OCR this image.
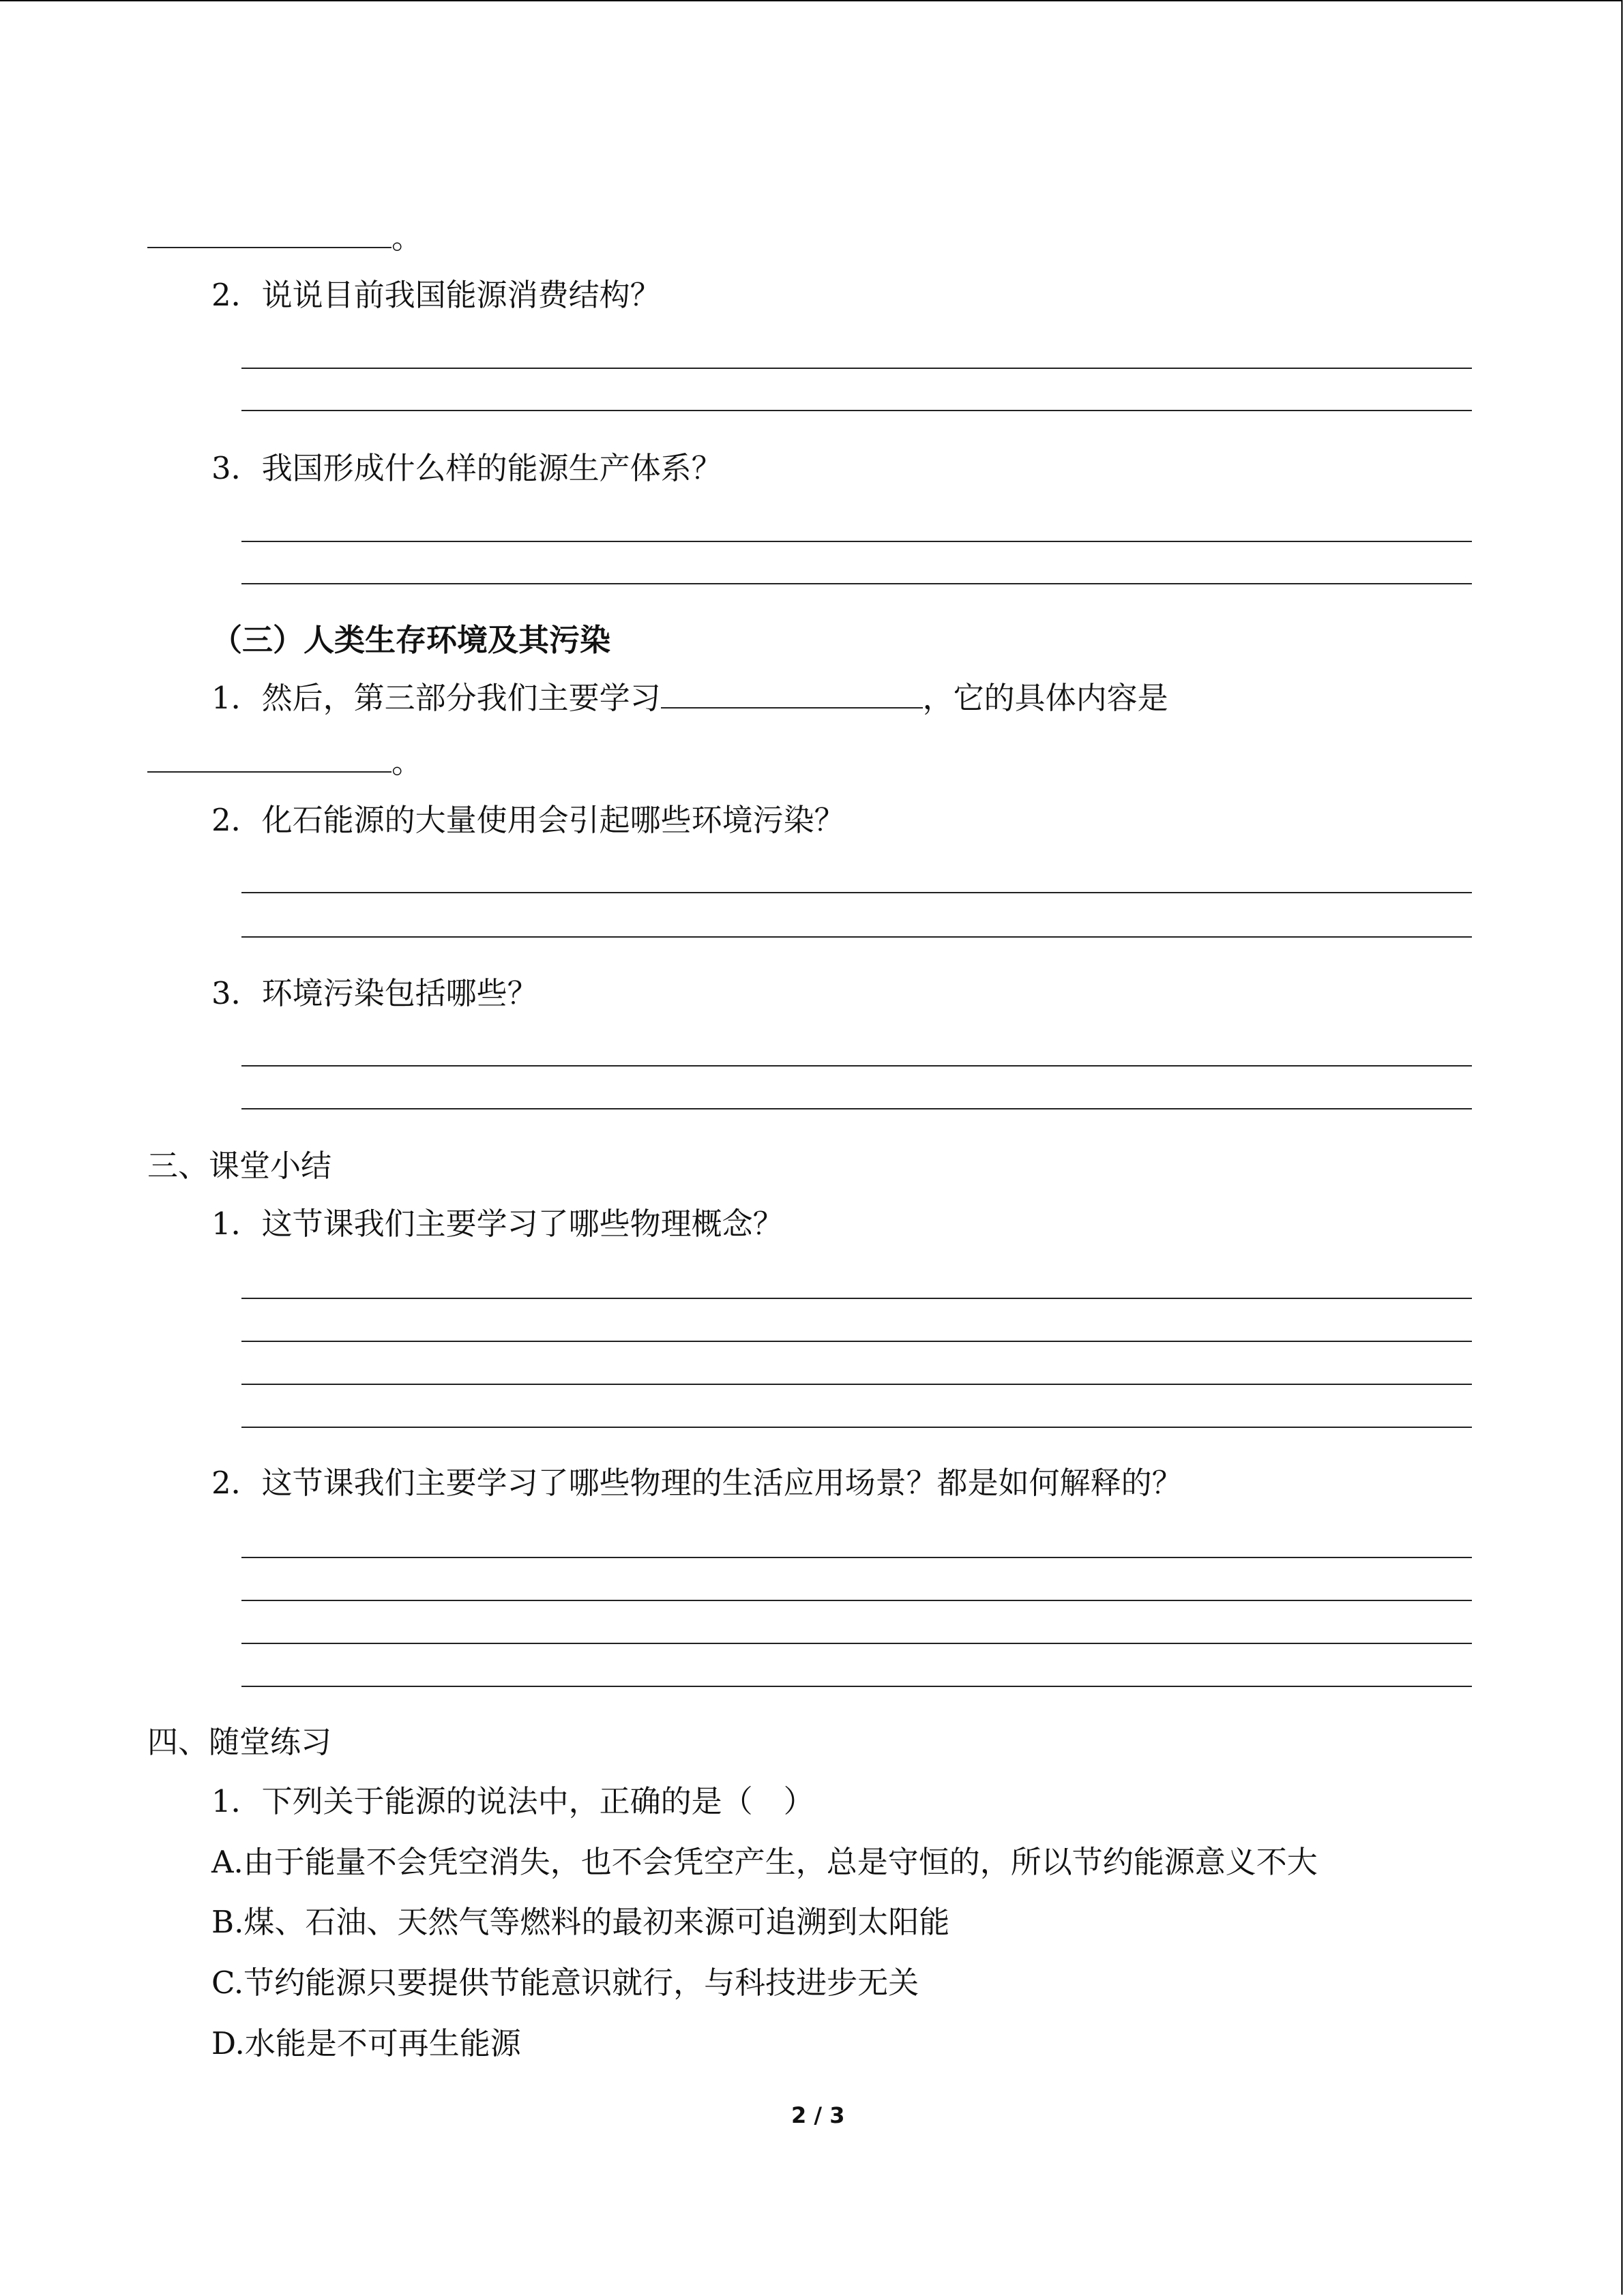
。
2．说说目前我国能源消费结构？
3．我国形成什么样的能源生产体系？
（三）人类生存环境及其污染
1．然后，第三部分我们主要学习	，它的具体内容是
。
2．化石能源的大量使用会引起哪些环境污染？
3．环境污染包括哪些？
三、课堂小结
1．这节课我们主要学习了哪些物理概念？
2．这节课我们主要学习了哪些物理的生活应用场景？都是如何解释的？
四、随堂练习
1．下列关于能源的说法中，正确的是（　）
A.由于能量不会凭空消失，也不会凭空产生，总是守恒的，所以节约能源意义不大
B.煤、石油、天然气等燃料的最初来源可追溯到太阳能
C.节约能源只要提供节能意识就行，与科技进步无关
D.水能是不可再生能源
2 / 3
